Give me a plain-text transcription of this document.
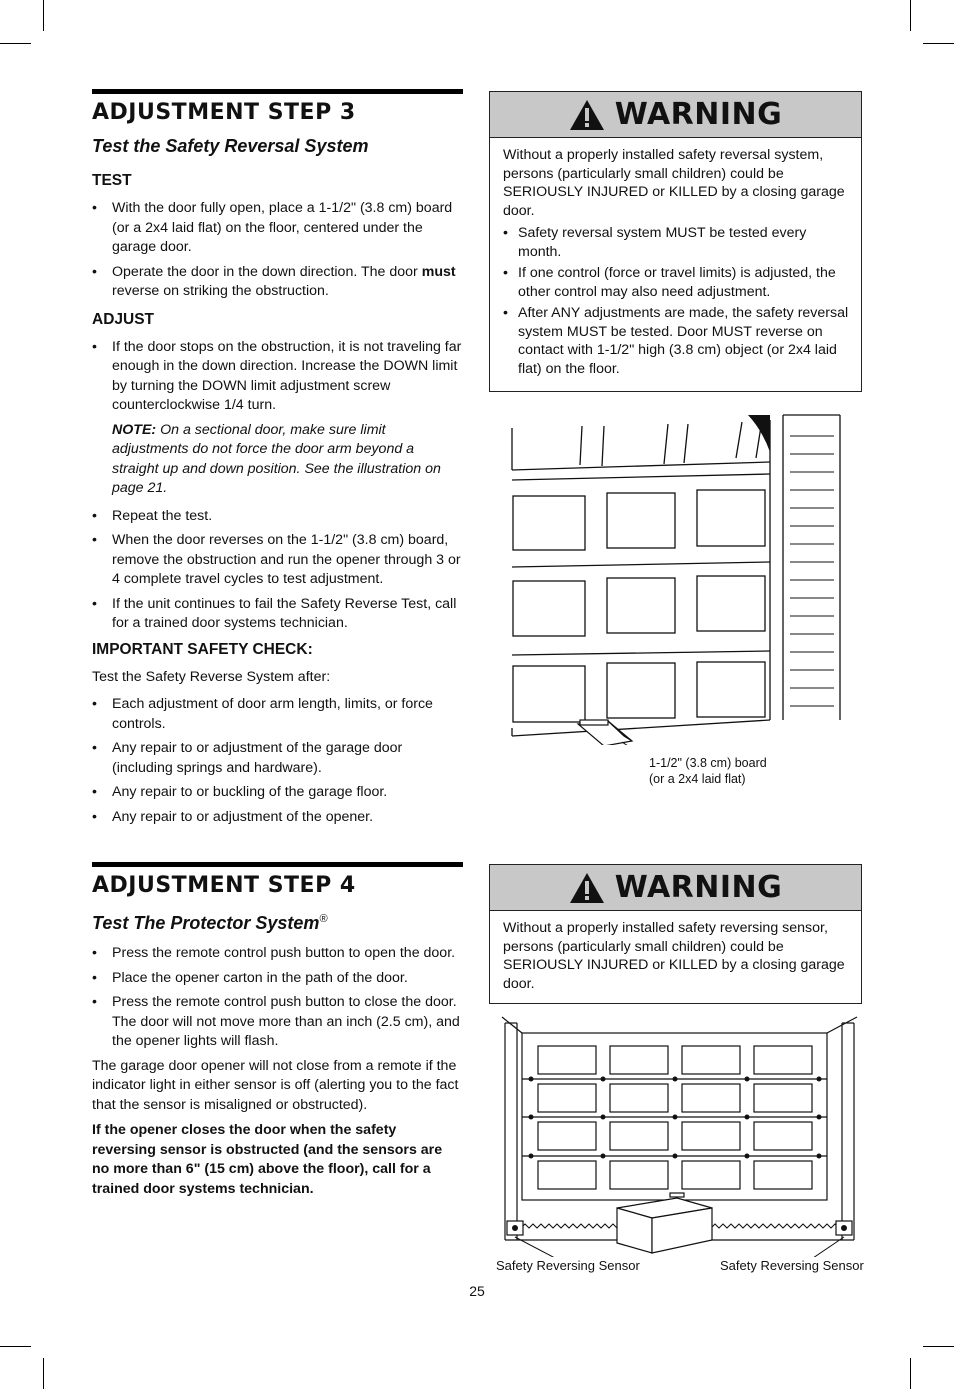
ADJUSTMENT STEP 3
Test the Safety Reversal System
TEST
• With the door fully open, place a 1-1/2" (3.8 cm) board (or a 2x4 laid flat) on the floor, centered under the garage door.
• Operate the door in the down direction. The door must reverse on striking the obstruction.
ADJUST
• If the door stops on the obstruction, it is not traveling far enough in the down direction. Increase the DOWN limit by turning the DOWN limit adjustment screw counterclockwise 1/4 turn.
NOTE: On a sectional door, make sure limit adjustments do not force the door arm beyond a straight up and down position. See the illustration on page 21.
• Repeat the test.
• When the door reverses on the 1-1/2" (3.8 cm) board, remove the obstruction and run the opener through 3 or 4 complete travel cycles to test adjustment.
• If the unit continues to fail the Safety Reverse Test, call for a trained door systems technician.
IMPORTANT SAFETY CHECK:

Test the Safety Reverse System after:

• Each adjustment of door arm length, limits, or force controls.
• Any repair to or adjustment of the garage door (including springs and hardware).
• Any repair to or buckling of the garage floor.
• Any repair to or adjustment of the opener.
WARNING
Without a properly installed safety reversal system, persons (particularly small children) could be SERIOUSLY INJURED or KILLED by a closing garage door.
• Safety reversal system MUST be tested every month.
• If one control (force or travel limits) is adjusted, the other control may also need adjustment.
• After ANY adjustments are made, the safety reversal system MUST be tested. Door MUST reverse on contact with 1-1/2" high (3.8 cm) object (or 2x4 laid flat) on the floor.
1-1/2" (3.8 cm) board
(or a 2x4 laid flat)
ADJUSTMENT STEP 4
Test The Protector System®
• Press the remote control push button to open the door.
• Place the opener carton in the path of the door.
• Press the remote control push button to close the door. The door will not move more than an inch (2.5 cm), and the opener lights will flash.

The garage door opener will not close from a remote if the indicator light in either sensor is off (alerting you to the fact that the sensor is misaligned or obstructed).

If the opener closes the door when the safety reversing sensor is obstructed (and the sensors are no more than 6" (15 cm) above the floor), call for a trained door systems technician.

WARNING
Without a properly installed safety reversing sensor, persons (particularly small children) could be SERIOUSLY INJURED or KILLED by a closing garage door.
Safety Reversing Sensor	Safety Reversing Sensor
25
